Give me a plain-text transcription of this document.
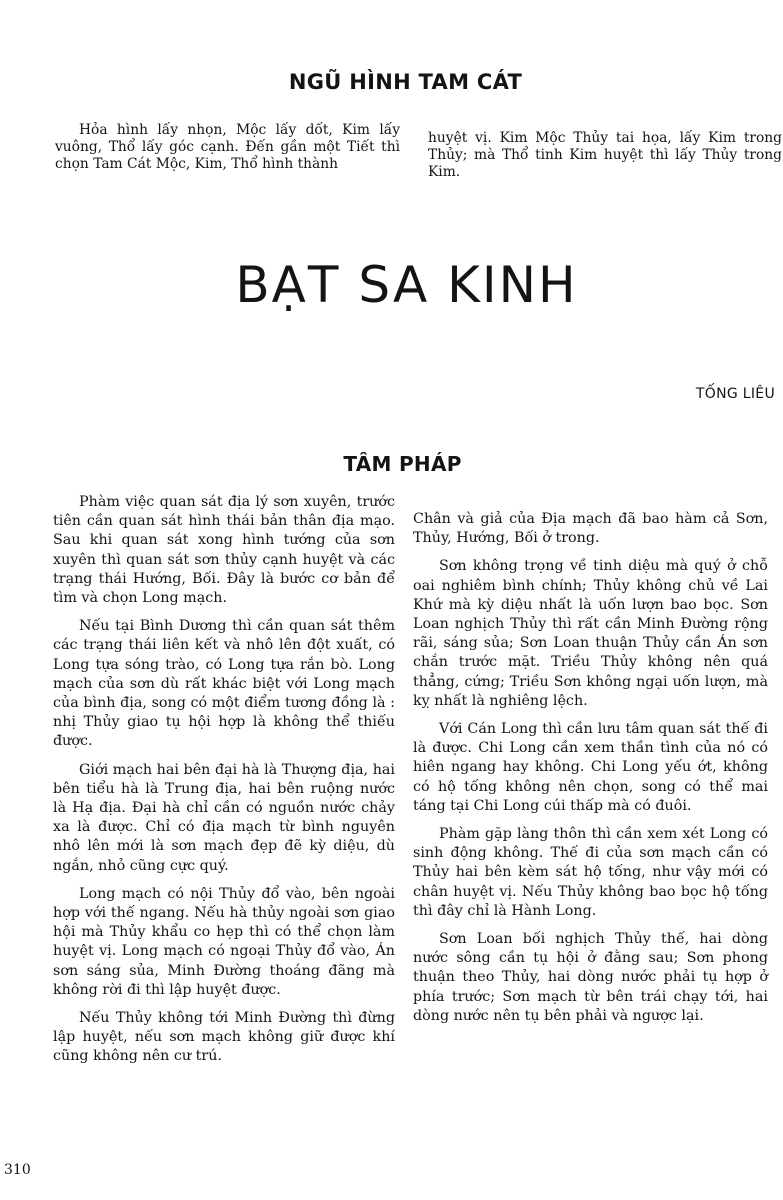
NGŨ HÌNH TAM CÁT

Hỏa hình lấy nhọn, Mộc lấy dốt, Kim lấy vuông, Thổ lấy góc cạnh. Đến gần một Tiết thì chọn Tam Cát Mộc, Kim, Thổ hình thành

huyệt vị. Kim Mộc Thủy tai họa, lấy Kim trong Thủy; mà Thổ tinh Kim huyệt thì lấy Thủy trong Kim.

BẠT SA KINH
TỐNG LIÊU
TÂM PHÁP

Phàm việc quan sát địa lý sơn xuyên, trước tiên cần quan sát hình thái bản thân địa mạo. Sau khi quan sát xong hình tướng của sơn xuyên thì quan sát sơn thủy cạnh huyệt và các trạng thái Hướng, Bối. Đây là bước cơ bản để tìm và chọn Long mạch.

Nếu tại Bình Dương thì cần quan sát thêm các trạng thái liên kết và nhô lên đột xuất, có Long tựa sóng trào, có Long tựa rắn bò. Long mạch của sơn dù rất khác biệt với Long mạch của bình địa, song có một điểm tương đồng là : nhị Thủy giao tụ hội hợp là không thể thiếu được.

Giới mạch hai bên đại hà là Thượng địa, hai bên tiểu hà là Trung địa, hai bên ruộng nước là Hạ địa. Đại hà chỉ cần có nguồn nước chảy xa là được. Chỉ có địa mạch từ bình nguyên nhô lên mới là sơn mạch đẹp đẽ kỳ diệu, dù ngắn, nhỏ cũng cực quý.

Long mạch có nội Thủy đổ vào, bên ngoài hợp với thế ngang. Nếu hà thủy ngoài sơn giao hội mà Thủy khẩu co hẹp thì có thể chọn làm huyệt vị. Long mạch có ngoại Thủy đổ vào, Án sơn sáng sủa, Minh Đường thoáng đãng mà không rời đi thì lập huyệt được.

Nếu Thủy không tới Minh Đường thì đừng lập huyệt, nếu sơn mạch không giữ được khí cũng không nên cư trú.

Chân và giả của Địa mạch đã bao hàm cả Sơn, Thủy, Hướng, Bối ở trong.

Sơn không trọng về tinh diệu mà quý ở chỗ oai nghiêm bình chính; Thủy không chủ về Lai Khứ mà kỳ diệu nhất là uốn lượn bao bọc. Sơn Loan nghịch Thủy thì rất cần Minh Đường rộng rãi, sáng sủa; Sơn Loan thuận Thủy cần Án sơn chắn trước mặt. Triều Thủy không nên quá thẳng, cứng; Triều Sơn không ngại uốn lượn, mà kỵ nhất là nghiêng lệch.

Với Cán Long thì cần lưu tâm quan sát thế đi là được. Chi Long cần xem thần tình của nó có hiên ngang hay không. Chi Long yếu ớt, không có hộ tống không nên chọn, song có thể mai táng tại Chi Long cúi thấp mà có đuôi.

Phàm gặp làng thôn thì cần xem xét Long có sinh động không. Thế đi của sơn mạch cần có Thủy hai bên kèm sát hộ tống, như vậy mới có chân huyệt vị. Nếu Thủy không bao bọc hộ tống thì đây chỉ là Hành Long.

Sơn Loan bối nghịch Thủy thế, hai dòng nước sông cần tụ hội ở đằng sau; Sơn phong thuận theo Thủy, hai dòng nước phải tụ hợp ở phía trước; Sơn mạch từ bên trái chạy tới, hai dòng nước nên tụ bên phải và ngược lại.

310
